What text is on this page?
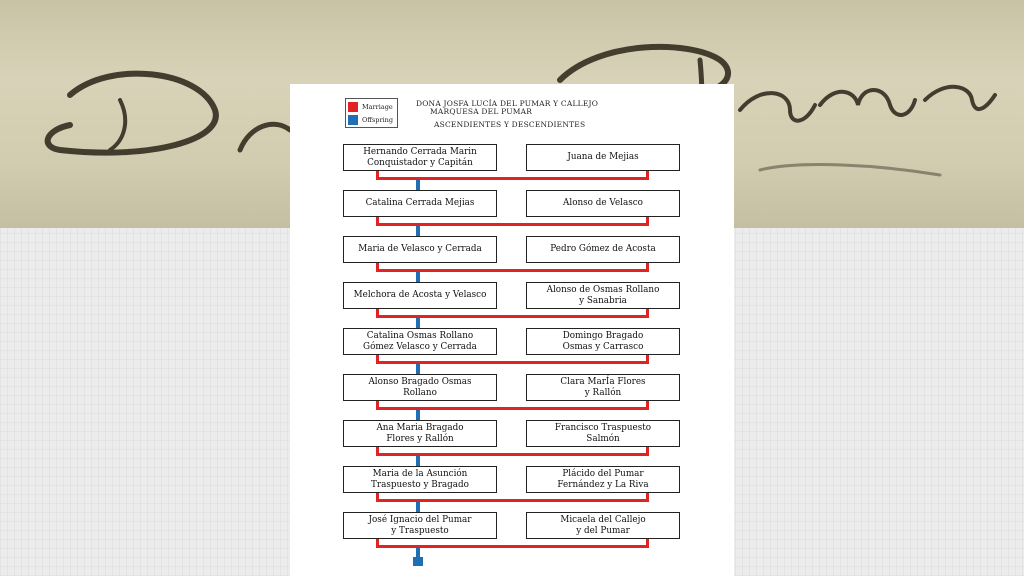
Marriage
Offspring
DONA JOSFA LUCÍA DEL PUMAR Y CALLEJO
MARQUESA DEL PUMAR
ASCENDIENTES Y DESCENDIENTES
Hernando Cerrada Marin
Conquistador y Capitán
Juana de Mejias
Catalina Cerrada Mejias	Alonso de Velasco
Maria de Velasco y Cerrada	Pedro Gómez de Acosta
Melchora de Acosta y Velasco
Alonso de Osmas Rollano
y Sanabria
Catalina Osmas Rollano
Gómez Velasco y Cerrada
Domingo Bragado
Osmas y Carrasco
Alonso Bragado Osmas
Rollano
Clara MarÍa Flores
y Rallón
Ana Maria Bragado
Flores y Rallón
Francisco Traspuesto
Salmón
Maria de la Asunción
Traspuesto y Bragado
Plácido del Pumar
Fernández y La Riva
José Ignacio del Pumar
y Traspuesto
Micaela del Callejo
y del Pumar
